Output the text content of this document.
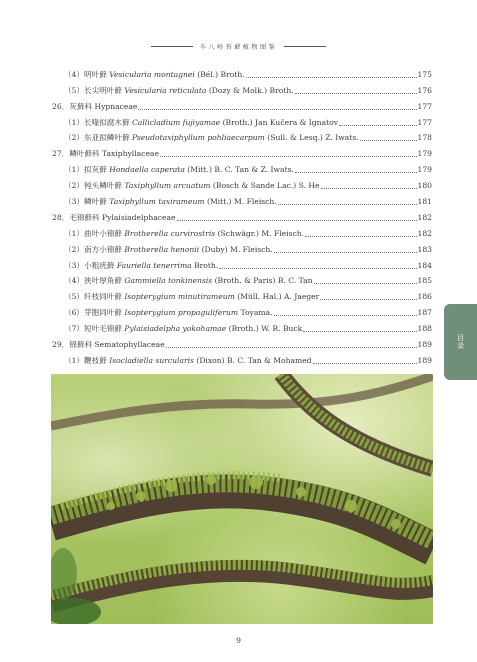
车八岭苔藓植物图鉴
（4）明叶藓 Vesicularia montagnei (Bél.) Broth.	175
（5）长尖明叶藓 Vesicularia reticulata (Dozy & Molk.) Broth.	176
26．灰藓科 Hypnaceae	177
（1）长喙拟腐木藓 Callicladium fujiyamae (Broth.) Jan Kučera & Ignatov	177
（2）东亚拟鳞叶藓 Pseudotaxiphyllum pohliaecarpum (Sull. & Lesq.) Z. Iwats.	178
27．鳞叶藓科 Taxiphyllaceae	179
（1）拟灰藓 Hondaella caperata (Mitt.) B. C. Tan & Z. Iwats.	179
（2）钝头鳞叶藓 Taxiphyllum arcuatum (Bosch & Sande Lac.) S. He	180
（3）鳞叶藓 Taxiphyllum taxirameum (Mitt.) M. Fleisch.	181
28．毛锦藓科 Pylaisiadelphaceae	182
（1）曲叶小锦藓 Brotherella curvirostris (Schwägr.) M. Fleisch.	182
（2）南方小锦藓 Brotherella henonii (Duby) M. Fleisch.	183
（3）小粗疣藓 Fauriella tenerrima Broth.	184
（4）狭叶厚角藓 Gammiella tonkinensis (Broth. & Paris) B. C. Tan	185
（5）纤枝同叶藓 Isopterygium minutirameum (Müll. Hal.) A. Jaeger	186
（6）芽胞同叶藓 Isopterygium propaguliferum Toyama.	187
（7）短叶毛锦藓 Pylaisiadelpha yokohamae (Broth.) W. R. Buck	188
29．锦藓科 Sematophyllaceae	189
（1）鞭枝藓 Isocladiella surcularis (Dixon) B. C. Tan & Mohamed	189
目录
9
